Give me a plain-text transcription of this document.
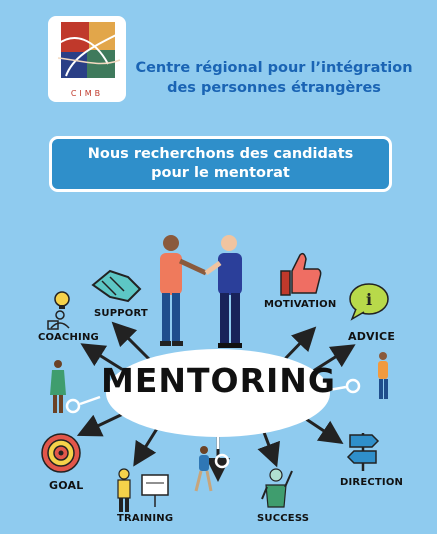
CIMB
Centre régional pour l’intégration
des personnes étrangères
Nous recherchons des candidats
pour le mentorat
i
SUPPORT
COACHING
MOTIVATION
ADVICE
GOAL
TRAINING	SUCCESS
DIRECTION
MENTORING
